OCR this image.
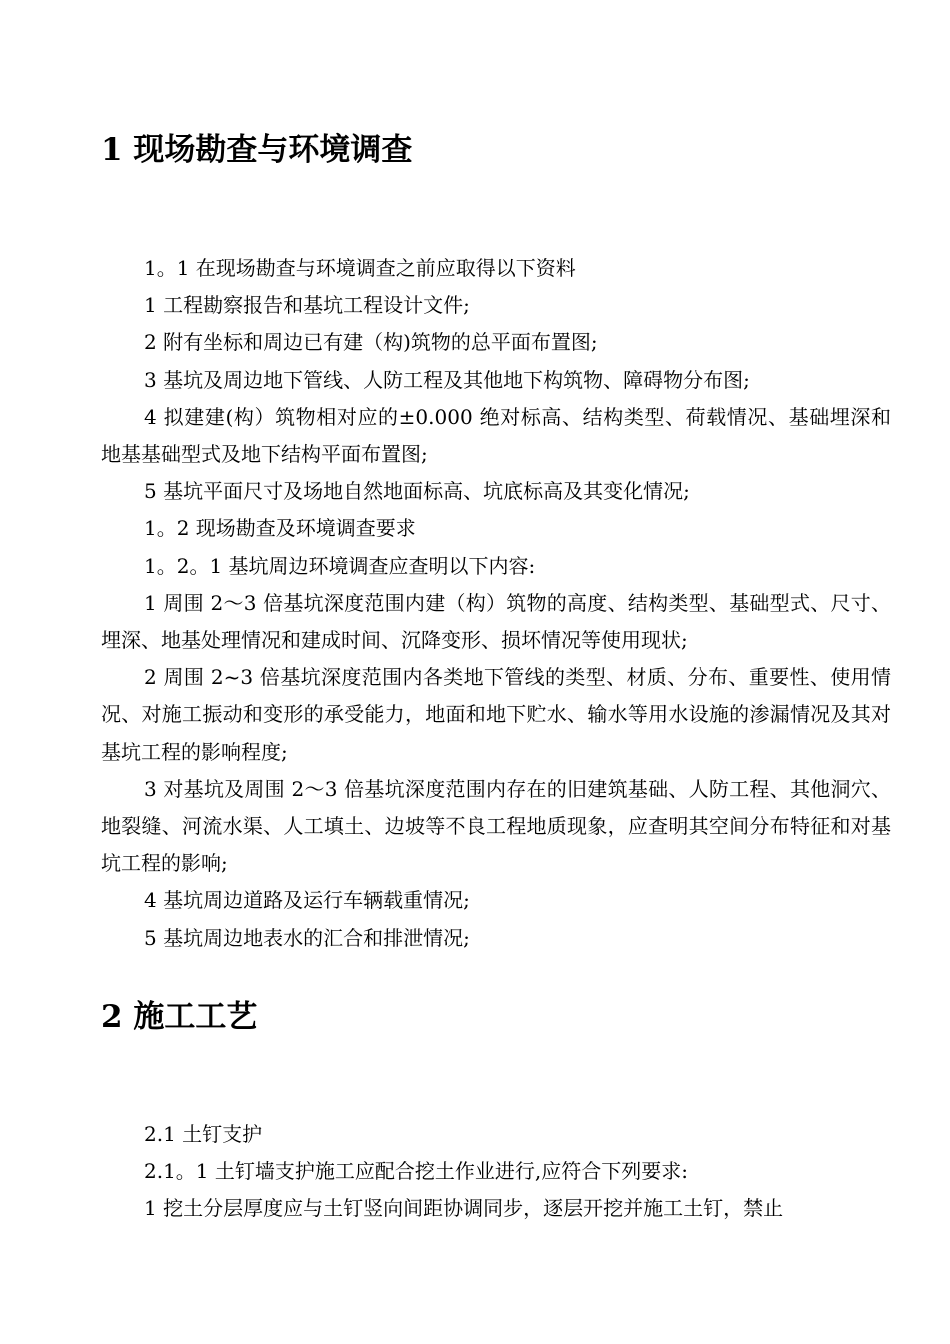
1 现场勘查与环境调查

1。1 在现场勘查与环境调查之前应取得以下资料

1 工程勘察报告和基坑工程设计文件;

2 附有坐标和周边已有建（构)筑物的总平面布置图;

3 基坑及周边地下管线、人防工程及其他地下构筑物、障碍物分布图;

4 拟建建(构）筑物相对应的±0.000 绝对标高、结构类型、荷载情况、基础埋深和地基基础型式及地下结构平面布置图;

5 基坑平面尺寸及场地自然地面标高、坑底标高及其变化情况;

1。2 现场勘查及环境调查要求

1。2。1 基坑周边环境调查应查明以下内容:

1 周围 2～3 倍基坑深度范围内建（构）筑物的高度、结构类型、基础型式、尺寸、埋深、地基处理情况和建成时间、沉降变形、损坏情况等使用现状;

2 周围 2~3 倍基坑深度范围内各类地下管线的类型、材质、分布、重要性、使用情况、对施工振动和变形的承受能力，地面和地下贮水、输水等用水设施的渗漏情况及其对基坑工程的影响程度;

3 对基坑及周围 2～3 倍基坑深度范围内存在的旧建筑基础、人防工程、其他洞穴、地裂缝、河流水渠、人工填土、边坡等不良工程地质现象，应查明其空间分布特征和对基坑工程的影响;

4 基坑周边道路及运行车辆载重情况;

5 基坑周边地表水的汇合和排泄情况;

2 施工工艺

2.1 土钉支护

2.1。1 土钉墙支护施工应配合挖土作业进行,应符合下列要求:

1 挖土分层厚度应与土钉竖向间距协调同步，逐层开挖并施工土钉，禁止
